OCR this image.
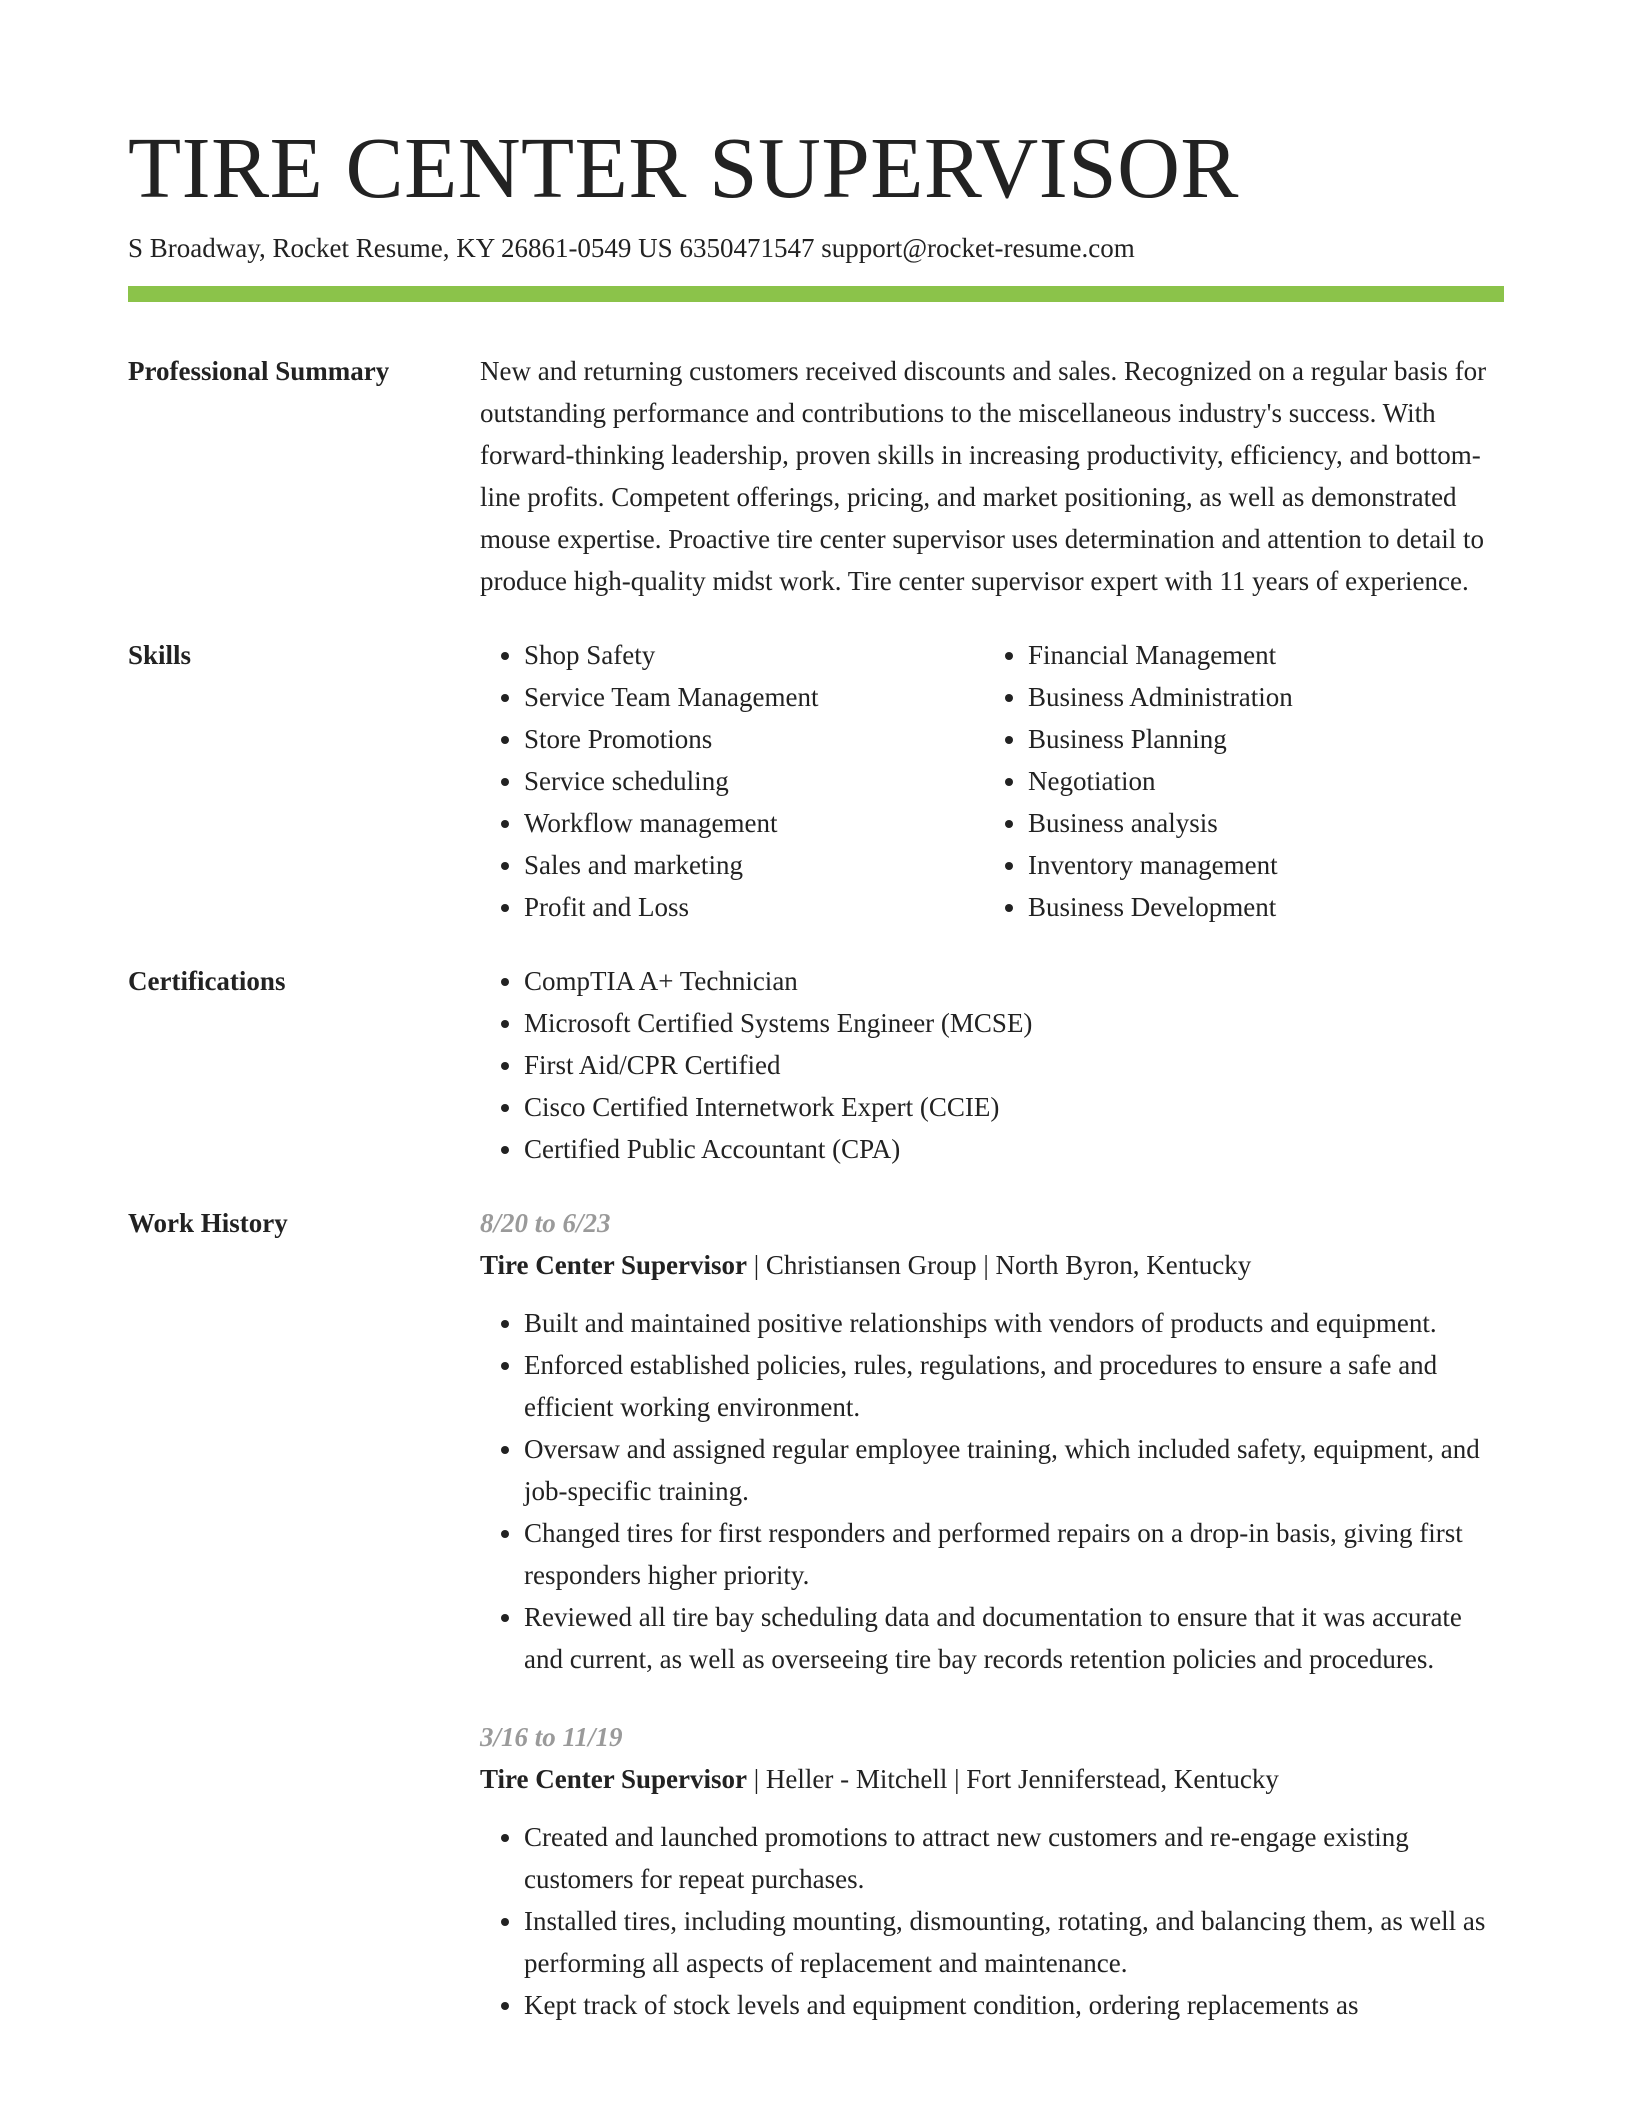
TIRE CENTER SUPERVISOR
S Broadway, Rocket Resume, KY 26861-0549 US 6350471547 support@rocket-resume.com
Professional Summary	New and returning customers received discounts and sales. Recognized on a regular basis for outstanding performance and contributions to the miscellaneous industry's success. With forward-thinking leadership, proven skills in increasing productivity, efficiency, and bottom-line profits. Competent offerings, pricing, and market positioning, as well as demonstrated mouse expertise. Proactive tire center supervisor uses determination and attention to detail to produce high-quality midst work. Tire center supervisor expert with 11 years of experience.

Skills	• Shop Safety
• Service Team Management
• Store Promotions
• Service scheduling
• Workflow management
• Sales and marketing
• Profit and Loss
• Financial Management
• Business Administration
• Business Planning
• Negotiation
• Business analysis
• Inventory management
• Business Development
Certifications	• CompTIA A+ Technician
• Microsoft Certified Systems Engineer (MCSE)
• First Aid/CPR Certified
• Cisco Certified Internetwork Expert (CCIE)
• Certified Public Accountant (CPA)
Work History	8/20 to 6/23
Tire Center Supervisor | Christiansen Group | North Byron, Kentucky
• Built and maintained positive relationships with vendors of products and equipment.
• Enforced established policies, rules, regulations, and procedures to ensure a safe and efficient working environment.
• Oversaw and assigned regular employee training, which included safety, equipment, and job-specific training.
• Changed tires for first responders and performed repairs on a drop-in basis, giving first responders higher priority.
• Reviewed all tire bay scheduling data and documentation to ensure that it was accurate and current, as well as overseeing tire bay records retention policies and procedures.
3/16 to 11/19
Tire Center Supervisor | Heller - Mitchell | Fort Jenniferstead, Kentucky
• Created and launched promotions to attract new customers and re-engage existing customers for repeat purchases.
• Installed tires, including mounting, dismounting, rotating, and balancing them, as well as performing all aspects of replacement and maintenance.
• Kept track of stock levels and equipment condition, ordering replacements as
